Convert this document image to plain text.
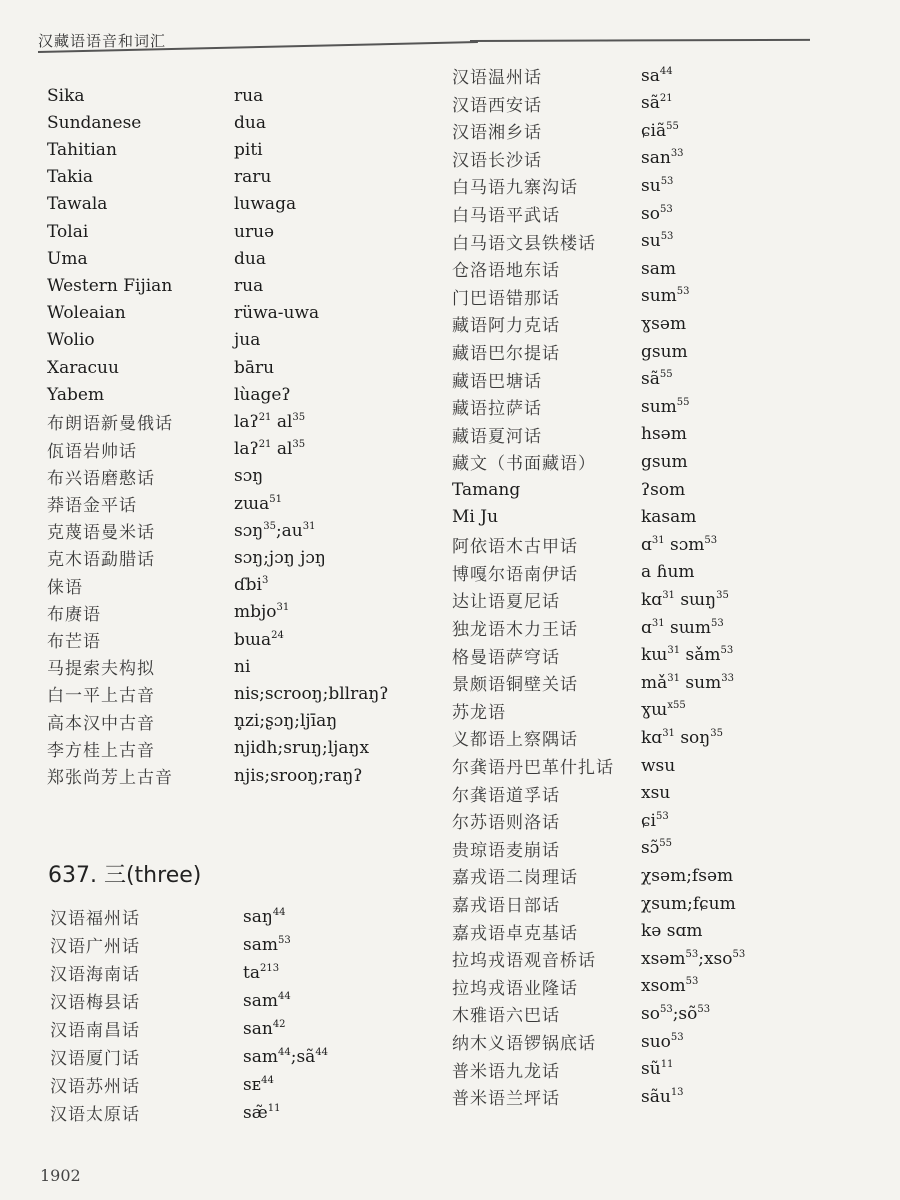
汉藏语语音和词汇
Sika	rua
Sundanese	dua
Tahitian	piti
Takia	raru
Tawala	luwaga
Tolai	uruə
Uma	dua
Western Fijian	rua
Woleaian	rüwa-uwa
Wolio	jua
Xaracuu	bāru
Yabem	lùageʔ
布朗语新曼俄话	laʔ$^{21}$ $al^{35}$
佤语岩帅话	laʔ$^{21}$ $al^{35}$
布兴语磨憨话	sɔŋ
莽语金平话	zɯa$^{51}$
克蔑语曼米话	$sɔŋ^{35};au^{31}$
克木语勐腊话	sɔŋ;jɔŋ jɔŋ
俫语	ɗbi$^3$
布赓语	mbjo$^{31}$
布芒语	bɯa$^{24}$
马提索夫构拟	ni
白一平上古音	nis;scrooŋ;bllraŋʔ
高本汉中古音	n̥zi;ʂɔŋ;ljīaŋ
李方桂上古音	njidh;sruŋ;ljaŋx
郑张尚芳上古音	njis;srooŋ;raŋʔ
637. 三(three)
汉语福州话	saŋ$^{44}$
汉语广州话	sam$^{53}$
汉语海南话	$ta^{213}$
汉语梅县话	sam$^{44}$
汉语南昌话	san$^{42}$
汉语厦门话	$sam^{44};sã^{44}$
汉语苏州话	sᴇ$^{44}$
汉语太原话	sæ̃$^{11}$
汉语温州话	$sa^{44}$
汉语西安话	$sã^{21}$
汉语湘乡话	ɕiã$^{55}$
汉语长沙话	san$^{33}$
白马语九寨沟话	$su^{53}$
白马语平武话	$so^{53}$
白马语文县铁楼话	$su^{53}$
仓洛语地东话	sam
门巴语错那话	sum$^{53}$
藏语阿力克话	ɣsəm
藏语巴尔提话	gsum
藏语巴塘话	$sã^{55}$
藏语拉萨话	sum$^{55}$
藏语夏河话	hsəm
藏文（书面藏语）	gsum
Tamang	ʔsom
Mi Ju	kasam
阿依语木古甲话	ɑ$^{31}$ sɔm$^{53}$
博嘎尔语南伊话	a ɦum
达让语夏尼话	kɑ$^{31}$ sɯŋ$^{35}$
独龙语木力王话	ɑ$^{31}$ sɯm$^{53}$
格曼语萨穹话	kɯ$^{31}$ sǎm$^{53}$
景颇语铜壁关话	$mǎ^{31}$ sum$^{33}$
苏龙语	ɣɯ$^{x55}$
义都语上察隅话	kɑ$^{31}$ soŋ$^{35}$
尔龚语丹巴革什扎话 wsu
尔龚语道孚话	xsu
尔苏语则洛话	ɕi$^{53}$
贵琼语麦崩话	sɔ̃$^{55}$
嘉戎语二岗理话	χsəm;fsəm
嘉戎语日部话	χsum;fɕum
嘉戎语卓克基话	kə sɑm
拉坞戎语观音桥话	xsəm$^{53}$;xso$^{53}$
拉坞戎语业隆话	xsom$^{53}$
木雅语六巴话	$so^{53};sõ^{53}$
纳木义语锣锅底话	suo$^{53}$
普米语九龙话	$sũ^{11}$
普米语兰坪话	sãu$^{13}$
1902
